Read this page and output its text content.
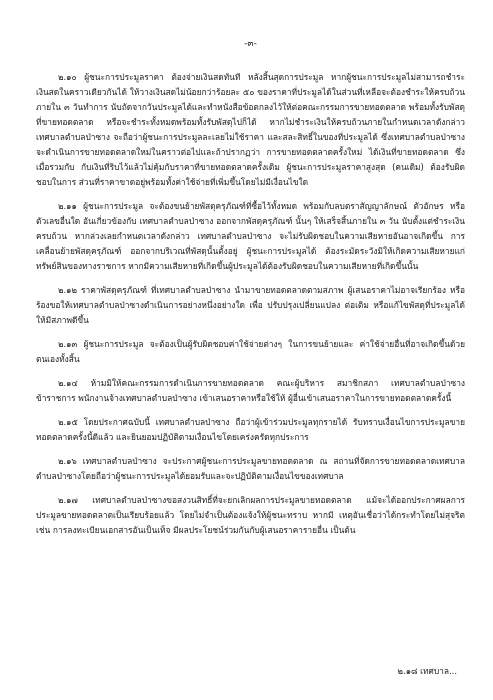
-๓-

๒.๑๐ ผู้ชนะการประมูลราคา ต้องจ่ายเงินสดทันที หลังสิ้นสุดการประมูล หากผู้ชนะการประมูลไม่สามารถชำระเงินสดในคราวเดียวกันได้ ให้วางเงินสดไม่น้อยกว่าร้อยละ ๕๐ ของราคาที่ประมูลได้ในส่วนที่เหลือจะต้องชำระให้ครบถ้วนภายใน ๓ วันทำการ นับถัดจากวันประมูลได้และทำหนังสือข้อตกลงไว้ให้ต่อคณะกรรมการขายทอดตลาด พร้อมทั้งรับพัสดุที่ขายทอดตลาด หรือจะชำระทั้งหมดพร้อมทั้งรับพัสดุไปก็ได้ หากไม่ชำระเงินให้ครบถ้วนภายในกำหนดเวลาดังกล่าว เทศบาลตำบลป่าซาง จะถือว่าผู้ชนะการประมูลละเลยไม่ใช้ราคา และสละสิทธิ์ในของที่ประมูลได้ ซึ่งเทศบาลตำบลป่าซางจะดำเนินการขายทอดตลาดใหม่ในคราวต่อไปและถ้าปรากฏว่า การขายทอดตลาดครั้งใหม่ ได้เงินที่ขายทอดตลาด ซึ่งเมื่อรวมกับ กับเงินที่ริบไว้แล้วไม่คุ้มกับราคาที่ขายทอดตลาดครั้งเดิม ผู้ชนะการประมูลราคาสูงสุด (คนเดิม) ต้องรับผิดชอบในการ ส่วนที่ราคาขาดอยู่พร้อมทั้งค่าใช้จ่ายที่เพิ่มขึ้นโดยไม่มีเงื่อนไขใด

๒.๑๑ ผู้ชนะการประมูล จะต้องขนย้ายพัสดุครุภัณฑ์ที่ซื้อไว้ทั้งหมด พร้อมกับลบตราสัญญาลักษณ์ ตัวอักษร หรือตัวเลขอื่นใด อันเกี่ยวข้องกับ เทศบาลตำบลป่าซาง ออกจากพัสดุครุภัณฑ์ นั้นๆ ให้เสร็จสิ้นภายใน ๓ วัน นับตั้งแต่ชำระเงินครบถ้วน หากล่วงเลยกำหนดเวลาดังกล่าว เทศบาลตำบลป่าซาง จะไม่รับผิดชอบในความเสียหายอันอาจเกิดขึ้น การเคลื่อนย้ายพัสดุครุภัณฑ์ ออกจากบริเวณที่พัสดุนั้นตั้งอยู่ ผู้ชนะการประมูลได้ ต้องระมัดระวังมิให้เกิดความเสียหายแก่ทรัพย์สินของทางราชการ หากมีความเสียหายที่เกิดขึ้นผู้ประมูลได้ต้องรับผิดชอบในความเสียหายที่เกิดขึ้นนั้น

๒.๑๒ ราคาพัสดุครุภัณฑ์ ที่เทศบาลตำบลป่าซาง นำมาขายทอดตลาดตามสภาพ ผู้เสนอราคาไม่อาจเรียกร้อง หรือร้องขอให้เทศบาลตำบลป่าซางดำเนินการอย่างหนึ่งอย่างใด เพื่อ ปรับปรุงเปลี่ยนแปลง ต่อเติม หรือแก้ไขพัสดุที่ประมูลได้ให้มีสภาพดีขึ้น

๒.๑๓ ผู้ชนะการประมูล จะต้องเป็นผู้รับผิดชอบค่าใช้จ่ายต่างๆ ในการขนย้ายและ ค่าใช้จ่ายอื่นที่อาจเกิดขึ้นด้วยตนเองทั้งสิ้น

๒.๑๔ ห้ามมิให้คณะกรรมการดำเนินการขายทอดตลาด คณะผู้บริหาร สมาชิกสภา เทศบาลตำบลป่าซาง ข้าราชการ พนักงานจ้างเทศบาลตำบลป่าซาง เข้าเสนอราคาหรือใช้ให้ ผู้อื่นเข้าเสนอราคาในการขายทอดตลาดครั้งนี้

๒.๑๕ โดยประกาศฉบับนี้ เทศบาลตำบลป่าซาง ถือว่าผู้เข้าร่วมประมูลทุกรายได้ รับทราบเงื่อนไขการประมูลขายทอดตลาดครั้งนี้ดีแล้ว และยินยอมปฏิบัติตามเงื่อนไขโดยเคร่งครัดทุกประการ

๒.๑๖ เทศบาลตำบลป่าซาง จะประกาศผู้ชนะการประมูลขายทอดตลาด ณ สถานที่จัดการขายทอดตลาดเทศบาลตำบลป่าซางโดยถือว่าผู้ชนะการประมูลได้ยอมรับและจะปฏิบัติตามเงื่อนไขของเทศบาล

๒.๑๗ เทศบาลตำบลป่าซางขอสงวนสิทธิ์ที่จะยกเลิกผลการประมูลขายทอดตลาด แม้จะได้ออกประกาศผลการประมูลขายทอดตลาดเป็นเรียบร้อยแล้ว โดยไม่จำเป็นต้องแจ้งให้ผู้ชนะทราบ หากมี เหตุอันเชื่อว่าได้กระทำโดยไม่สุจริต เช่น การลงทะเบียนเอกสารอันเป็นเท็จ มีผลประโยชน์ร่วมกันกับผู้เสนอราคารายอื่น เป็นต้น

๒.๑๘ เทศบาล...
